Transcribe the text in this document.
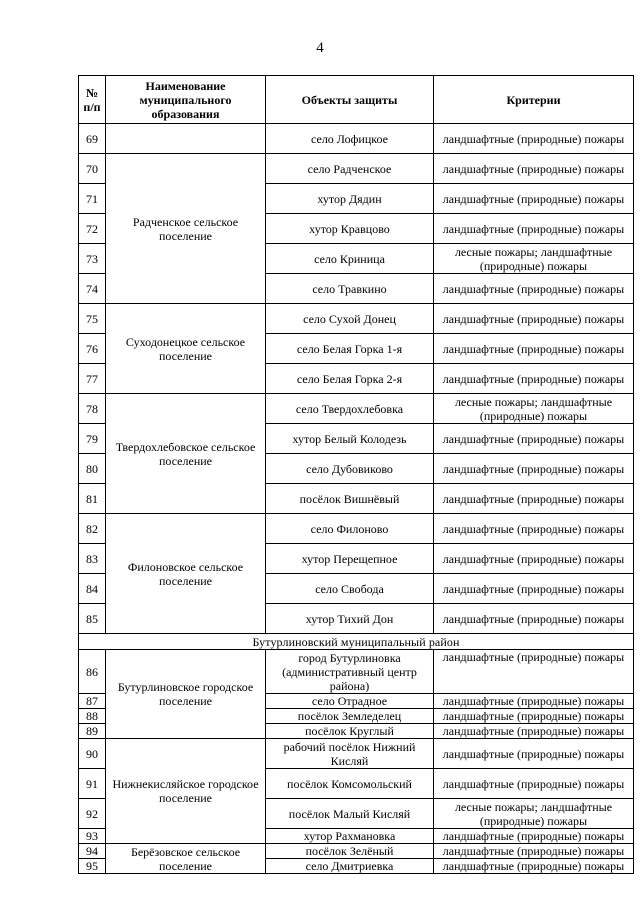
4
№ п/п	Наименование муниципального образования	Объекты защиты	Критерии
69		село Лофицкое	ландшафтные (природные) пожары
70	Радченское сельское поселение	село Радченское	ландшафтные (природные) пожары
71		хутор Дядин	ландшафтные (природные) пожары
72		хутор Кравцово	ландшафтные (природные) пожары
73		село Криница	лесные пожары; ландшафтные (природные) пожары
74		село Травкино	ландшафтные (природные) пожары
75	Суходонецкое сельское поселение	село Сухой Донец	ландшафтные (природные) пожары
76		село Белая Горка 1-я	ландшафтные (природные) пожары
77		село Белая Горка 2-я	ландшафтные (природные) пожары
78	Твердохлебовское сельское поселение	село Твердохлебовка	лесные пожары; ландшафтные (природные) пожары
79		хутор Белый Колодезь	ландшафтные (природные) пожары
80		село Дубовиково	ландшафтные (природные) пожары
81		посёлок Вишнёвый	ландшафтные (природные) пожары
82	Филоновское сельское поселение	село Филоново	ландшафтные (природные) пожары
83		хутор Перещепное	ландшафтные (природные) пожары
84		село Свобода	ландшафтные (природные) пожары
85		хутор Тихий Дон	ландшафтные (природные) пожары
Бутурлиновский муниципальный район			
86	Бутурлиновское городское поселение	город Бутурлиновка (административный центр района)	ландшафтные (природные) пожары
87		село Отрадное	ландшафтные (природные) пожары
88		посёлок Земледелец	ландшафтные (природные) пожары
89		посёлок Круглый	ландшафтные (природные) пожары
90	Нижнекисляйское городское поселение	рабочий посёлок Нижний Кисляй	ландшафтные (природные) пожары
91		посёлок Комсомольский	ландшафтные (природные) пожары
92		посёлок Малый Кисляй	лесные пожары; ландшафтные (природные) пожары
93		хутор Рахмановка	ландшафтные (природные) пожары
94	Берёзовское сельское поселение	посёлок Зелёный	ландшафтные (природные) пожары
95		село Дмитриевка	ландшафтные (природные) пожары
